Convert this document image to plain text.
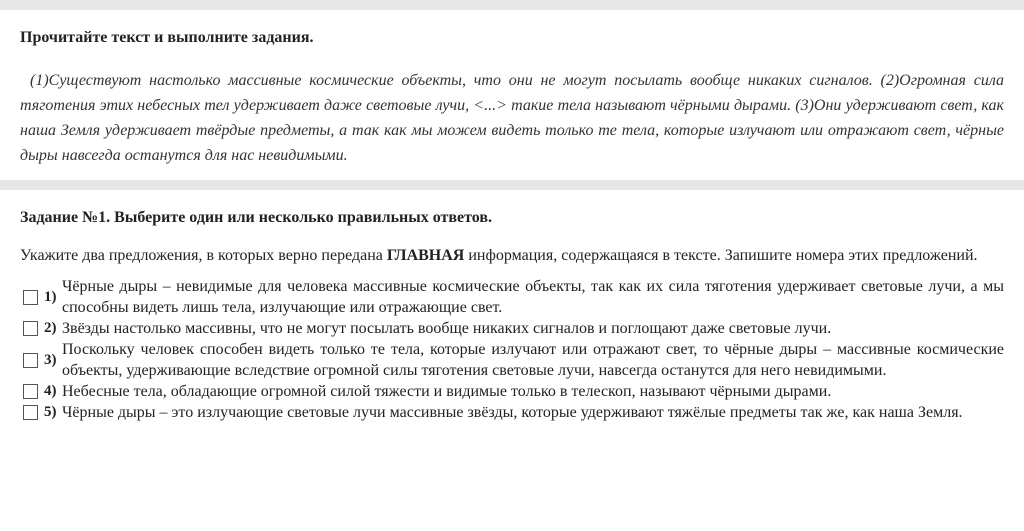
Прочитайте текст и выполните задания.

(1)Существуют настолько массивные космические объекты, что они не могут посылать вообще никаких сигналов. (2)Огромная сила тяготения этих небесных тел удерживает даже световые лучи, <...> такие тела называют чёрными дырами. (3)Они удерживают свет, как наша Земля удерживает твёрдые предметы, а так как мы можем видеть только те тела, которые излучают или отражают свет, чёрные дыры навсегда останутся для нас невидимыми.

Задание №1. Выберите один или несколько правильных ответов.

Укажите два предложения, в которых верно передана ГЛАВНАЯ информация, содержащаяся в тексте. Запишите номера этих предложений.

1)
Чёрные дыры – невидимые для человека массивные космические объекты, так как их сила тяготения удерживает световые лучи, а мы способны видеть лишь тела, излучающие или отражающие свет.
2) Звёзды настолько массивны, что не могут посылать вообще никаких сигналов и поглощают даже световые лучи.
3)
Поскольку человек способен видеть только те тела, которые излучают или отражают свет, то чёрные дыры – массивные космические объекты, удерживающие вследствие огромной силы тяготения световые лучи, навсегда останутся для него невидимыми.
4) Небесные тела, обладающие огромной силой тяжести и видимые только в телескоп, называют чёрными дырами.
5) Чёрные дыры – это излучающие световые лучи массивные звёзды, которые удерживают тяжёлые предметы так же, как наша Земля.
